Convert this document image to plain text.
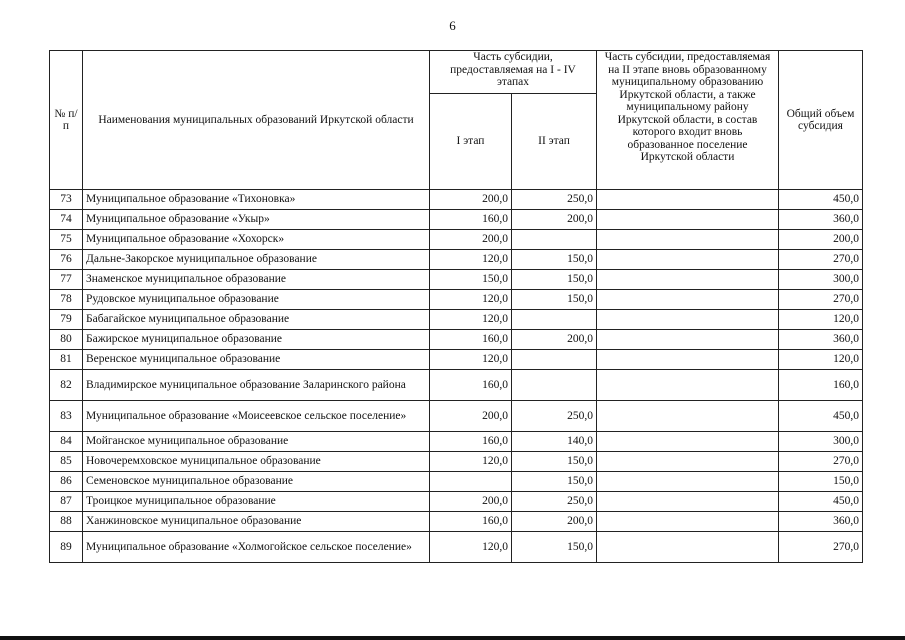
6
№ п/п	Наименования муниципальных образований Иркутской области	Часть субсидии, предоставляемая на I - IV этапах		Часть субсидии, предоставляемая на II этапе вновь образованному муниципальному образованию Иркутской области, а также муниципальному району Иркутской области, в состав которого входит вновь образованное поселение Иркутской области	Общий объем субсидия
		I этап	II этап		
73	Муниципальное образование «Тихоновка»	200,0	250,0		450,0
74	Муниципальное образование «Укыр»	160,0	200,0		360,0
75	Муниципальное образование «Хохорск»	200,0			200,0
76	Дальне-Закорское муниципальное образование	120,0	150,0		270,0
77	Знаменское муниципальное образование	150,0	150,0		300,0
78	Рудовское муниципальное образование	120,0	150,0		270,0
79	Бабагайское муниципальное образование	120,0			120,0
80	Бажирское муниципальное образование	160,0	200,0		360,0
81	Веренское муниципальное образование	120,0			120,0
82	Владимирское муниципальное образование Заларинского района	160,0			160,0
83	Муниципальное образование «Моисеевское сельское поселение»	200,0	250,0		450,0
84	Мойганское муниципальное образование	160,0	140,0		300,0
85	Новочеремховское муниципальное образование	120,0	150,0		270,0
86	Семеновское муниципальное образование		150,0		150,0
87	Троицкое муниципальное образование	200,0	250,0		450,0
88	Ханжиновское муниципальное образование	160,0	200,0		360,0
89	Муниципальное образование «Холмогойское сельское поселение»	120,0	150,0		270,0
